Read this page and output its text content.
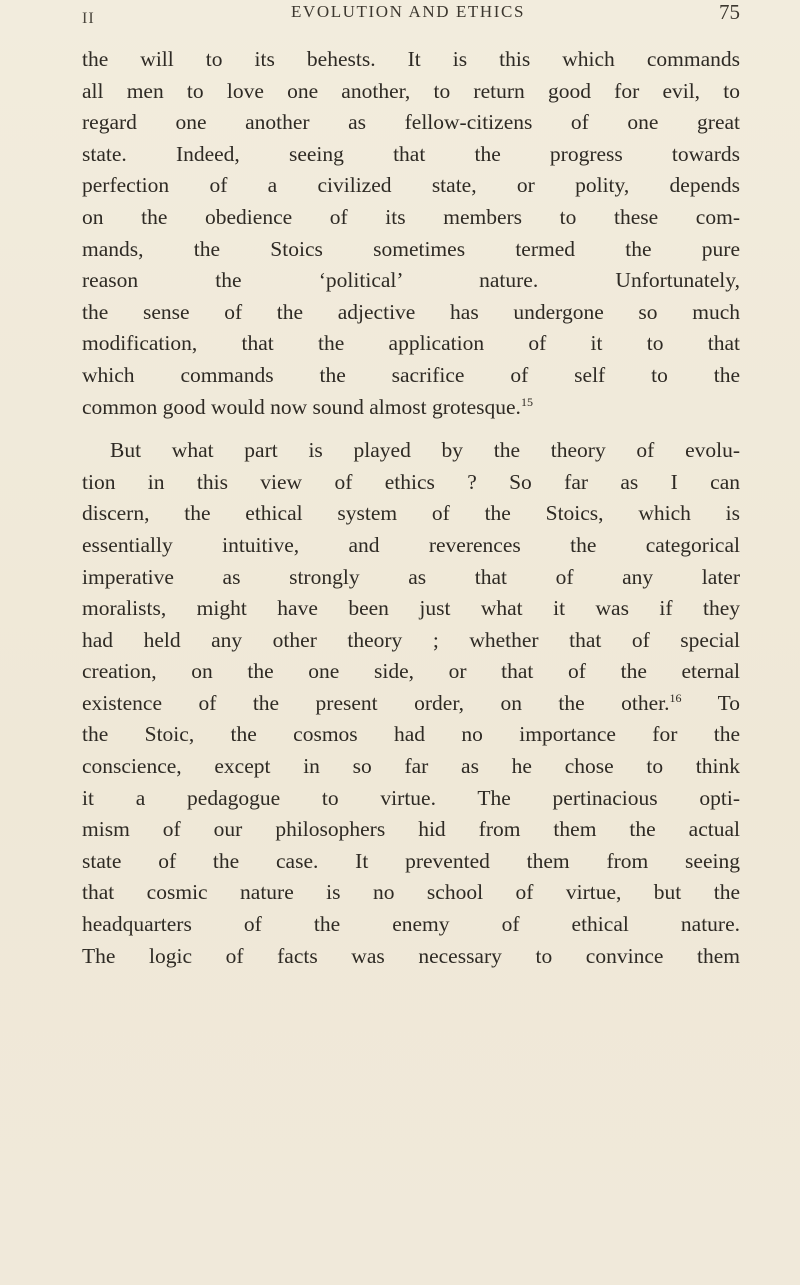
II	EVOLUTION AND ETHICS	75
the will to its behests. It is this which commands
all men to love one another, to return good for evil, to
regard one another as fellow-citizens of one great
state. Indeed, seeing that the progress towards
perfection of a civilized state, or polity, depends
on the obedience of its members to these com-
mands, the Stoics sometimes termed the pure
reason the ‘political’ nature. Unfortunately,
the sense of the adjective has undergone so much
modification, that the application of it to that
which commands the sacrifice of self to the
common good would now sound almost grotesque.$^{15}$
But what part is played by the theory of evolu-
tion in this view of ethics ? So far as I can
discern, the ethical system of the Stoics, which is
essentially intuitive, and reverences the categorical
imperative as strongly as that of any later
moralists, might have been just what it was if they
had held any other theory ; whether that of special
creation, on the one side, or that of the eternal
existence of the present order, on the other.$^{16}$ To
the Stoic, the cosmos had no importance for the
conscience, except in so far as he chose to think
it a pedagogue to virtue. The pertinacious opti-
mism of our philosophers hid from them the actual
state of the case. It prevented them from seeing
that cosmic nature is no school of virtue, but the
headquarters of the enemy of ethical nature.
The logic of facts was necessary to convince them
